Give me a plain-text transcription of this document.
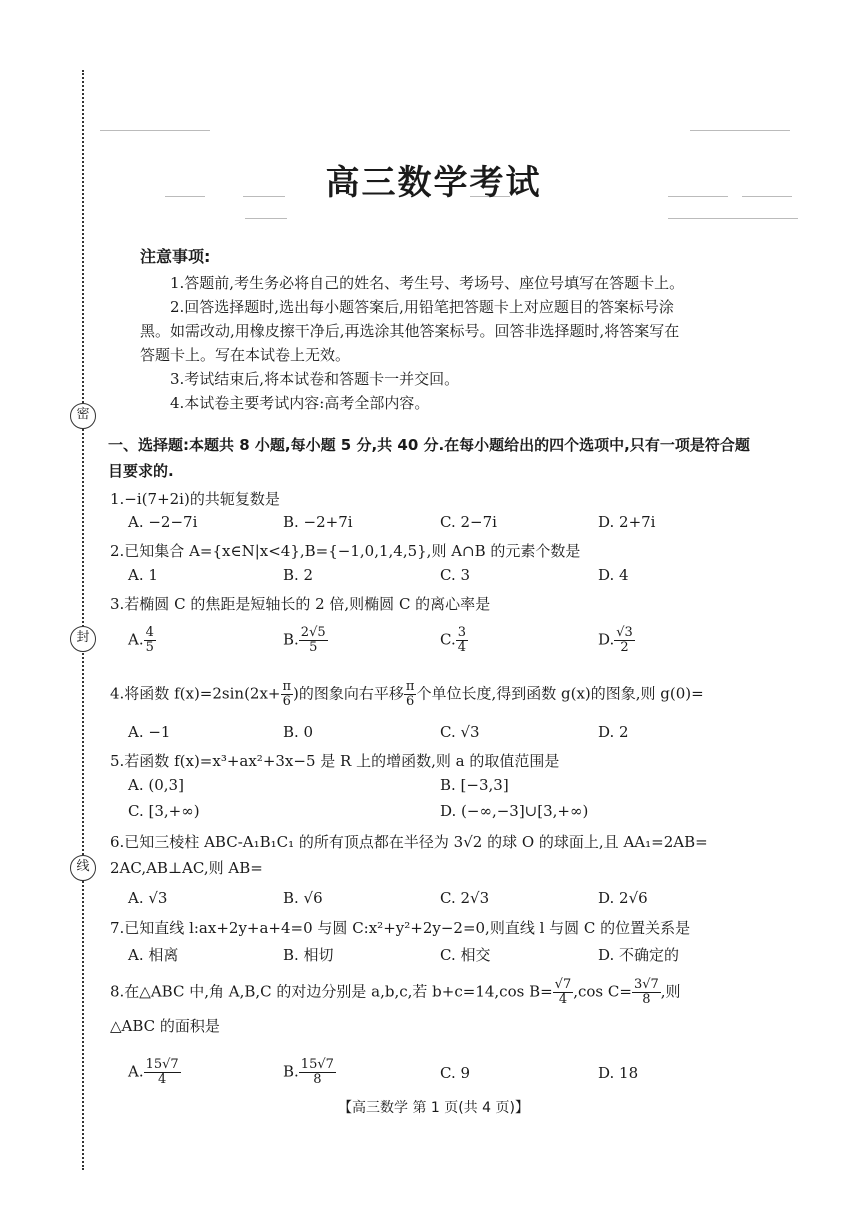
密
封
线
高三数学考试
注意事项:

1.答题前,考生务必将自己的姓名、考生号、考场号、座位号填写在答题卡上。

2.回答选择题时,选出每小题答案后,用铅笔把答题卡上对应题目的答案标号涂

黑。如需改动,用橡皮擦干净后,再选涂其他答案标号。回答非选择题时,将答案写在

答题卡上。写在本试卷上无效。

3.考试结束后,将本试卷和答题卡一并交回。

4.本试卷主要考试内容:高考全部内容。

一、选择题:本题共 8 小题,每小题 5 分,共 40 分.在每小题给出的四个选项中,只有一项是符合题目要求的.

1.−i(7+2i)的共轭复数是

A. −2−7i	B. −2+7i	C. 2−7i	D. 2+7i

2.已知集合 A={x∈N|x<4},B={−1,0,1,4,5},则 A∩B 的元素个数是

A. 1	B. 2	C. 3	D. 4

3.若椭圆 C 的焦距是短轴长的 2 倍,则椭圆 C 的离心率是

A. $\frac{4}{5}$	B. $\frac{2√5}{5}$	C. $\frac{3}{4}$	D. $\frac{√3}{2}$

4.将函数 $f(x)=2\sin(2x+ \frac{\pi}{6}$ )的图象向右平移 $\frac{\pi}{6}$ 个单位长度,得到函数 g(x)的图象,则 g(0)=

A. −1	B. 0	C. √3	D. 2

5.若函数 f(x)=x³+ax²+3x−5 是 R 上的增函数,则 a 的取值范围是

A. (0,3]	B. [−3,3]
C. [3,+∞)	D. (−∞,−3]∪[3,+∞)

6.已知三棱柱 ABC-A₁B₁C₁ 的所有顶点都在半径为 3√2 的球 O 的球面上,且 AA₁=2AB=

2AC,AB⊥AC,则 AB=

A. √3	B. √6	C. 2√3	D. 2√6

7.已知直线 l:ax+2y+a+4=0 与圆 C:x²+y²+2y−2=0,则直线 l 与圆 C 的位置关系是

A. 相离	B. 相切	C. 相交	D. 不确定的

8.在△ABC 中,角 A,B,C 的对边分别是 a,b,c,若 b+c=14,cos $B= \frac{√7}{4} ,\cos$ $C= \frac{3√7}{8}$ ,则

△ABC 的面积是

A. $\frac{15√7}{4}$	B. $\frac{15√7}{8}$	C. 9	D. 18
【高三数学 第 1 页(共 4 页)】
